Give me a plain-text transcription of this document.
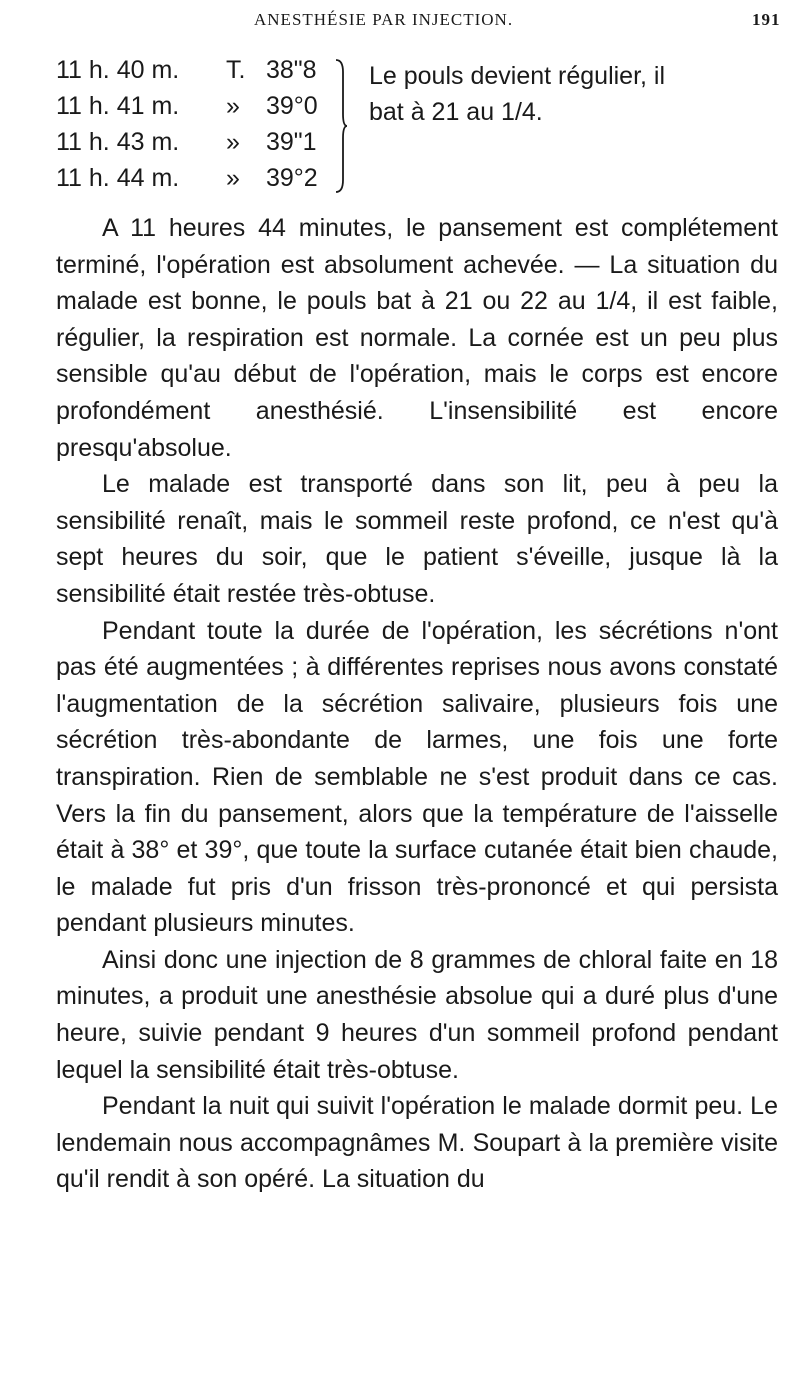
ANESTHÉSIE PAR INJECTION.	191
11 h. 40 m. T. 38"8
11 h. 41 m. » 39°0
11 h. 43 m. » 39"1
11 h. 44 m. » 39°2
Le pouls devient régulier, il
bat à 21 au 1/4.

A 11 heures 44 minutes, le pansement est complétement terminé, l'opération est absolument achevée. — La situation du malade est bonne, le pouls bat à 21 ou 22 au 1/4, il est faible, régulier, la respiration est normale. La cornée est un peu plus sensible qu'au début de l'opération, mais le corps est encore profondément anesthésié. L'insensibilité est encore presqu'absolue.

Le malade est transporté dans son lit, peu à peu la sensibilité renaît, mais le sommeil reste profond, ce n'est qu'à sept heures du soir, que le patient s'éveille, jusque là la sensibilité était restée très-obtuse.

Pendant toute la durée de l'opération, les sécrétions n'ont pas été augmentées ; à différentes reprises nous avons constaté l'augmentation de la sécrétion salivaire, plusieurs fois une sécrétion très-abondante de larmes, une fois une forte transpiration. Rien de semblable ne s'est produit dans ce cas. Vers la fin du pansement, alors que la température de l'aisselle était à 38° et 39°, que toute la surface cutanée était bien chaude, le malade fut pris d'un frisson très-prononcé et qui persista pendant plusieurs minutes.

Ainsi donc une injection de 8 grammes de chloral faite en 18 minutes, a produit une anesthésie absolue qui a duré plus d'une heure, suivie pendant 9 heures d'un sommeil profond pendant lequel la sensibilité était très-obtuse.

Pendant la nuit qui suivit l'opération le malade dormit peu. Le lendemain nous accompagnâmes M. Soupart à la première visite qu'il rendit à son opéré. La situation du
